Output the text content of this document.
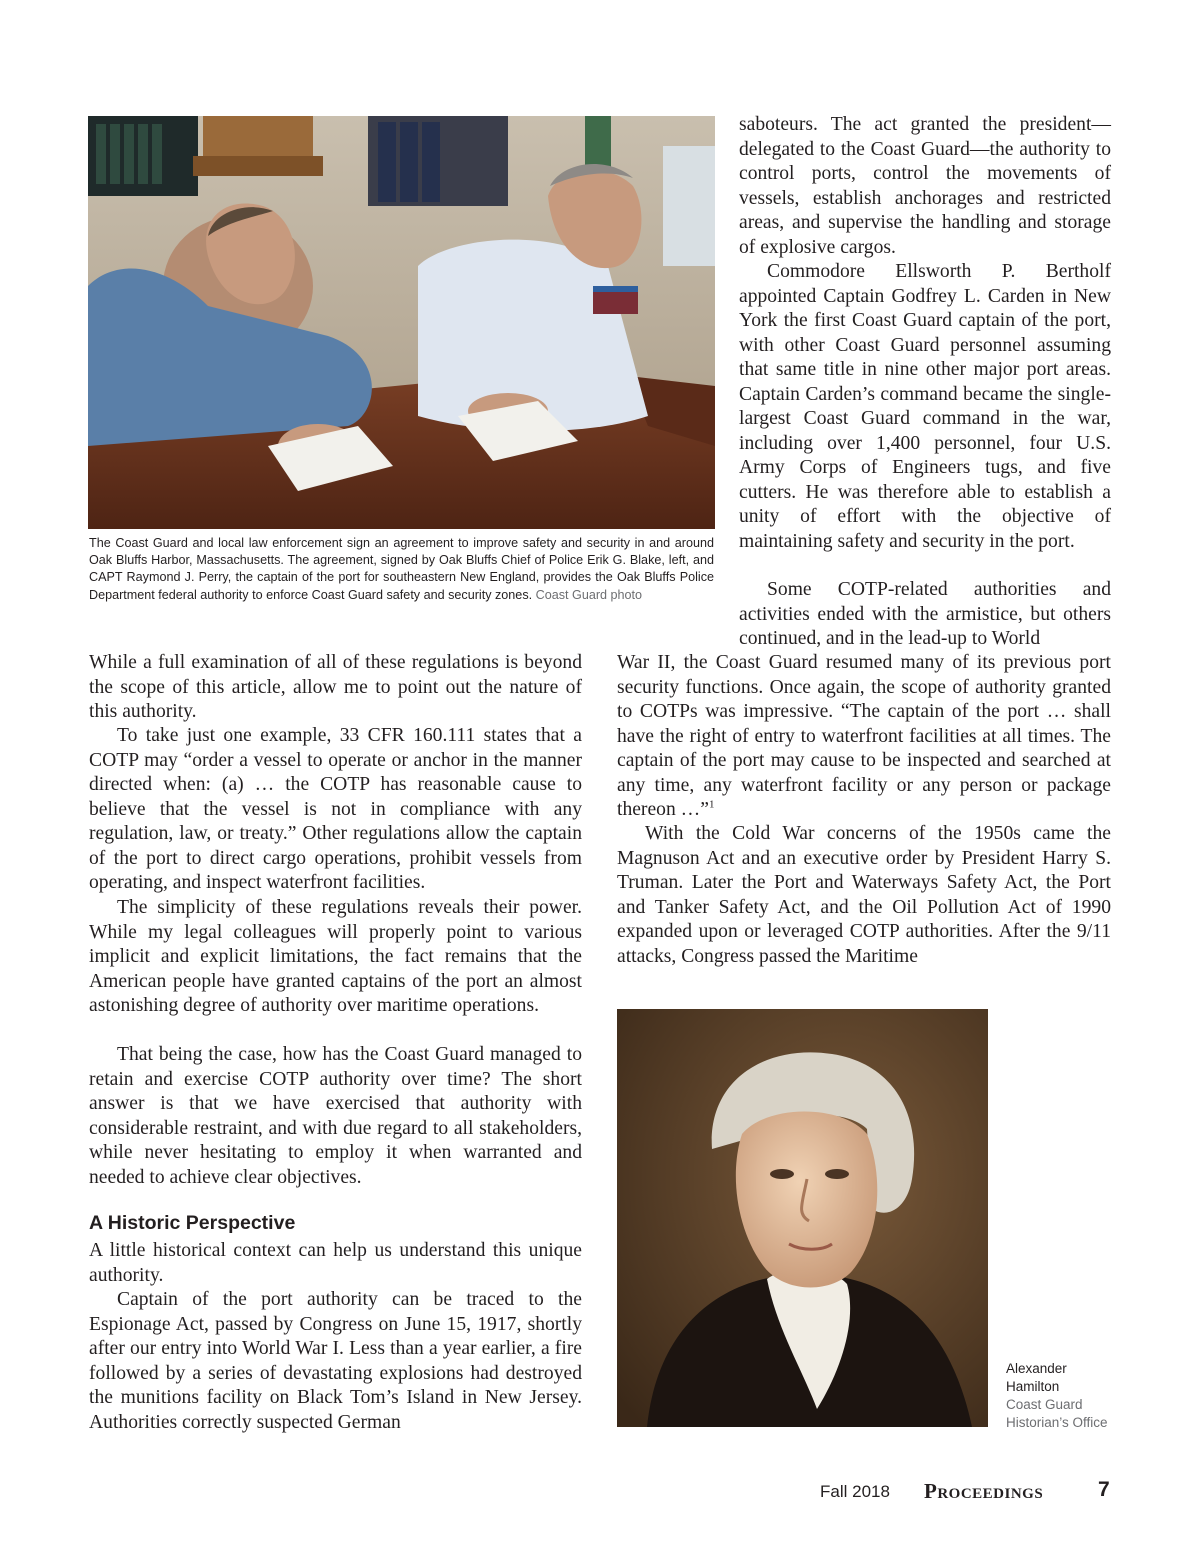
The Coast Guard and local law enforcement sign an agreement to improve safety and security in and around Oak Bluffs Harbor, Massachusetts. The agreement, signed by Oak Bluffs Chief of Police Erik G. Blake, left, and CAPT Raymond J. Perry, the captain of the port for southeastern New England, provides the Oak Bluffs Police Department federal authority to enforce Coast Guard safety and security zones. Coast Guard photo

saboteurs. The act granted the president—delegated to the Coast Guard—the authority to control ports, control the movements of vessels, establish anchorages and restricted areas, and supervise the handling and storage of explosive cargos.

Commodore Ellsworth P. Bertholf appointed Captain Godfrey L. Carden in New York the first Coast Guard captain of the port, with other Coast Guard personnel assuming that same title in nine other major port areas. Captain Carden’s command became the single-largest Coast Guard command in the war, including over 1,400 personnel, four U.S. Army Corps of Engineers tugs, and five cutters. He was therefore able to establish a unity of effort with the objective of maintaining safety and security in the port.

Some COTP-related authorities and activities ended with the armistice, but others continued, and in the lead-up to World

War II, the Coast Guard resumed many of its previous port security functions. Once again, the scope of authority granted to COTPs was impressive. “The captain of the port … shall have the right of entry to waterfront facilities at all times. The captain of the port may cause to be inspected and searched at any time, any waterfront facility or any person or package thereon …”$^1$

With the Cold War concerns of the 1950s came the Magnuson Act and an executive order by President Harry S. Truman. Later the Port and Waterways Safety Act, the Port and Tanker Safety Act, and the Oil Pollution Act of 1990 expanded upon or leveraged COTP authorities. After the 9/11 attacks, Congress passed the Maritime

While a full examination of all of these regulations is beyond the scope of this article, allow me to point out the nature of this authority.

To take just one example, 33 CFR 160.111 states that a COTP may “order a vessel to operate or anchor in the manner directed when: (a) … the COTP has reasonable cause to believe that the vessel is not in compliance with any regulation, law, or treaty.” Other regulations allow the captain of the port to direct cargo operations, prohibit vessels from operating, and inspect waterfront facilities.

The simplicity of these regulations reveals their power. While my legal colleagues will properly point to various implicit and explicit limitations, the fact remains that the American people have granted captains of the port an almost astonishing degree of authority over maritime operations.

That being the case, how has the Coast Guard managed to retain and exercise COTP authority over time? The short answer is that we have exercised that authority with considerable restraint, and with due regard to all stakeholders, while never hesitating to employ it when warranted and needed to achieve clear objectives.

A Historic Perspective

A little historical context can help us understand this unique authority.

Captain of the port authority can be traced to the Espionage Act, passed by Congress on June 15, 1917, shortly after our entry into World War I. Less than a year earlier, a fire followed by a series of devastating explosions had destroyed the munitions facility on Black Tom’s Island in New Jersey. Authorities correctly suspected German

Alexander
Hamilton
Coast Guard
Historian’s Office
Fall 2018 Proceedings	7
